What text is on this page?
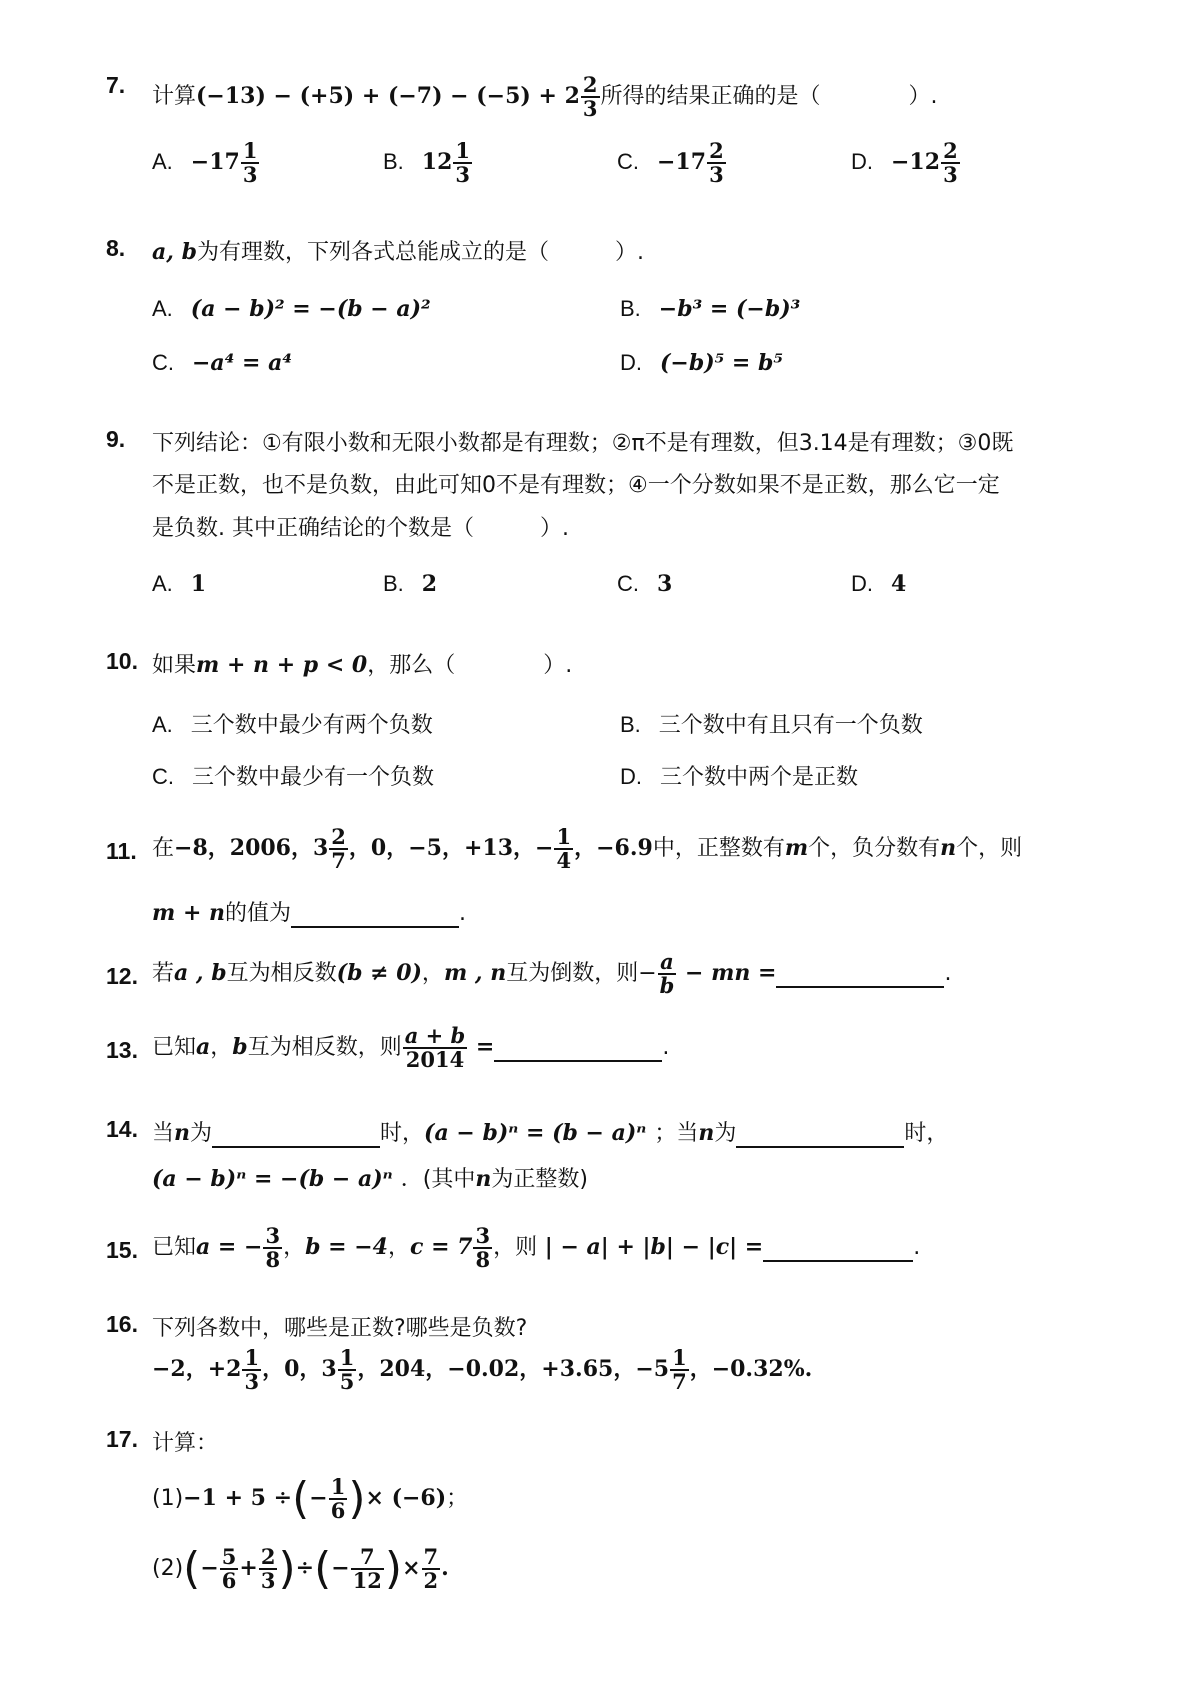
7. 计算$(-13) - (+5) + (-7) - (-5) + 2 \frac{2}{3}$ 所得的结果正确的是（　　　　）.
A. $-17 \frac{1}{3}$	B. $12 \frac{1}{3}$	C. $-17 \frac{2}{3}$	D. $-12 \frac{2}{3}$
8. a, b为有理数，下列各式总能成立的是（　　　）.
A. (a − b)² = −(b − a)²	B. −b³ = (−b)³
C. −a⁴ = a⁴	D. (−b)⁵ = b⁵
9. 下列结论：①有限小数和无限小数都是有理数；②π不是有理数，但3.14是有理数；③0既
不是正数，也不是负数，由此可知0不是有理数；④一个分数如果不是正数，那么它一定
是负数. 其中正确结论的个数是（　　　）.
A. 1	B. 2	C. 3	D. 4
10. 如果m + n + p < 0，那么（　　　　）.
A. 三个数中最少有两个负数	B. 三个数中有且只有一个负数
C. 三个数中最少有一个负数	D. 三个数中两个是正数
11. 在−8，2006，$3 \frac{2}{7}$ ，0，−5，+13，− $\frac{1}{4}$ ，−6.9中，正整数有m个，负分数有n个，则
m + n的值为	.
12. 若a , b互为相反数(b ≠ 0)，m , n互为倒数，则− $\frac{a}{b}$ − mn =	.
13. 已知a，b互为相反数，则 $\frac{a + b}{2014}$ =	.
14. 当n为	时，(a − b)ⁿ = (b − a)ⁿ ；当n为	时，
(a − b)ⁿ = −(b − a)ⁿ ．(其中n为正整数)
15. 已知a = − $\frac{3}{8}$ ，b = −4，$c = 7 \frac{3}{8}$ ，则 | − a| + |b| − |c| =	.
16. 下列各数中，哪些是正数?哪些是负数?
−2，$+2 \frac{1}{3}$ ，0，$3 \frac{1}{5}$ ，204，−0.02，+3.65，$-5 \frac{1}{7}$ ，−0.32%.
17. 计算：
(1)−1 + 5 ÷(− $\frac{1}{6}$ )× (−6)；
$(2)(- \frac{5}{6} + \frac{2}{3}$ )÷(− $\frac{7}{12}$ )× $\frac{7}{2}$ .
